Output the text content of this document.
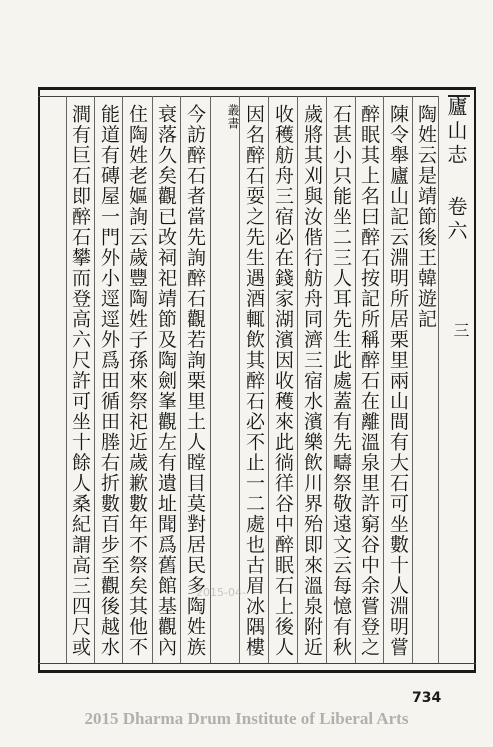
廬山志 卷六
三
陶姓云是靖節後王韓遊記
陳令舉廬山記云淵明所居栗里兩山間有大石可坐數十人淵明嘗
醉眠其上名曰醉石按記所稱醉石在離溫泉里許窮谷中余嘗登之
石甚小只能坐二三人耳先生此處蓋有先疇祭敬遠文云每憶有秋
歲將其刈與汝偕行舫舟同濟三宿水濱樂飲川界殆即來溫泉附近
收穫舫舟三宿必在錢家湖濱因收穫來此徜徉谷中醉眠石上後人
因名醉石耍之先生遇酒輒飲其醉石必不止一二處也古眉冰隅樓
叢書
今訪醉石者當先詢醉石觀若詢栗里土人瞠目莫對居民多陶姓族
衰落久矣觀已改祠祀靖節及陶劍峯觀左有遺址聞爲舊館基觀內
住陶姓老嫗詢云歲豐陶姓子孫來祭祀近歲歉數年不祭矣其他不
能道有磚屋一門外小逕逕外爲田循田塍右折數百步至觀後越水
澗有巨石即醉石攀而登高六尺許可坐十餘人桑紀謂高三四尺或	2015-04-
734
2015 Dharma Drum Institute of Liberal Arts
